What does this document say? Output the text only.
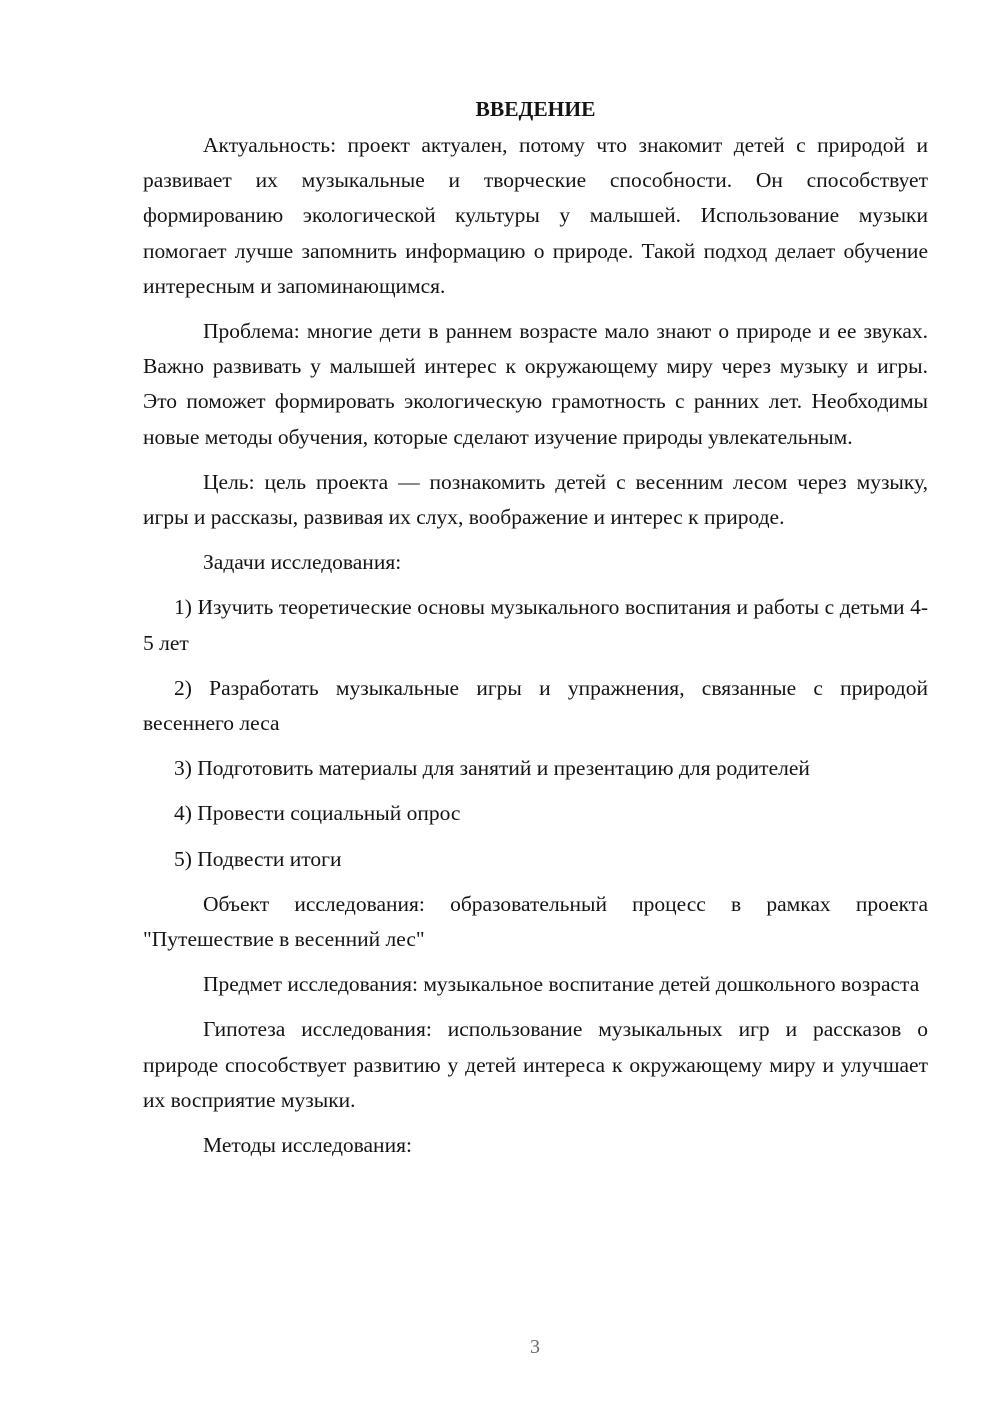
ВВЕДЕНИЕ

Актуальность: проект актуален, потому что знакомит детей с природой и развивает их музыкальные и творческие способности. Он способствует формированию экологической культуры у малышей. Использование музыки помогает лучше запомнить информацию о природе. Такой подход делает обучение интересным и запоминающимся.

Проблема: многие дети в раннем возрасте мало знают о природе и ее звуках. Важно развивать у малышей интерес к окружающему миру через музыку и игры. Это поможет формировать экологическую грамотность с ранних лет. Необходимы новые методы обучения, которые сделают изучение природы увлекательным.

Цель: цель проекта — познакомить детей с весенним лесом через музыку, игры и рассказы, развивая их слух, воображение и интерес к природе.

Задачи исследования:

1) Изучить теоретические основы музыкального воспитания и работы с детьми 4-5 лет

2) Разработать музыкальные игры и упражнения, связанные с природой весеннего леса

3) Подготовить материалы для занятий и презентацию для родителей

4) Провести социальный опрос

5) Подвести итоги

Объект исследования: образовательный процесс в рамках проекта "Путешествие в весенний лес"

Предмет исследования: музыкальное воспитание детей дошкольного возраста

Гипотеза исследования: использование музыкальных игр и рассказов о природе способствует развитию у детей интереса к окружающему миру и улучшает их восприятие музыки.

Методы исследования:

3
